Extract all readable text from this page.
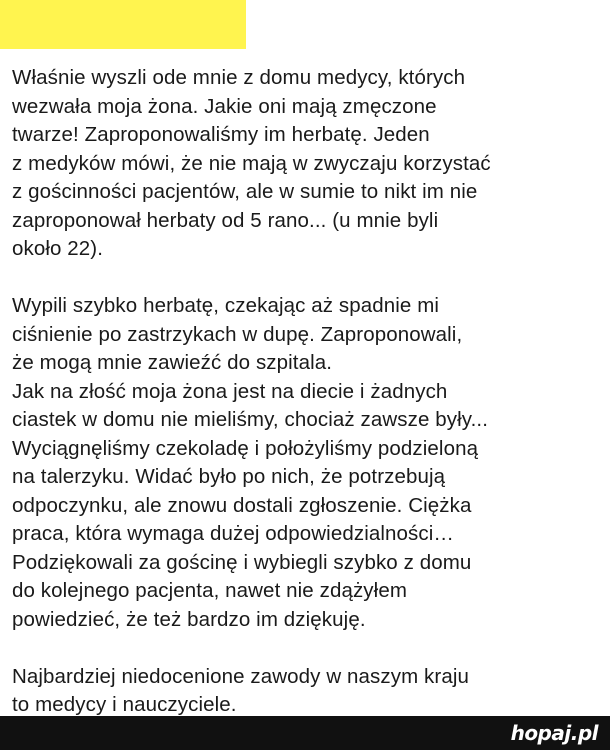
Właśnie wyszli ode mnie z domu medycy, których
wezwała moja żona. Jakie oni mają zmęczone
twarze! Zaproponowaliśmy im herbatę. Jeden
z medyków mówi, że nie mają w zwyczaju korzystać
z gościnności pacjentów, ale w sumie to nikt im nie
zaproponował herbaty od 5 rano... (u mnie byli
około 22).

Wypili szybko herbatę, czekając aż spadnie mi
ciśnienie po zastrzykach w dupę. Zaproponowali,
że mogą mnie zawieźć do szpitala.
Jak na złość moja żona jest na diecie i żadnych
ciastek w domu nie mieliśmy, chociaż zawsze były...
Wyciągnęliśmy czekoladę i położyliśmy podzieloną
na talerzyku. Widać było po nich, że potrzebują
odpoczynku, ale znowu dostali zgłoszenie. Ciężka
praca, która wymaga dużej odpowiedzialności…
Podziękowali za gościnę i wybiegli szybko z domu
do kolejnego pacjenta, nawet nie zdążyłem
powiedzieć, że też bardzo im dziękuję.

Najbardziej niedocenione zawody w naszym kraju
to medycy i nauczyciele.

hopaj.pl
